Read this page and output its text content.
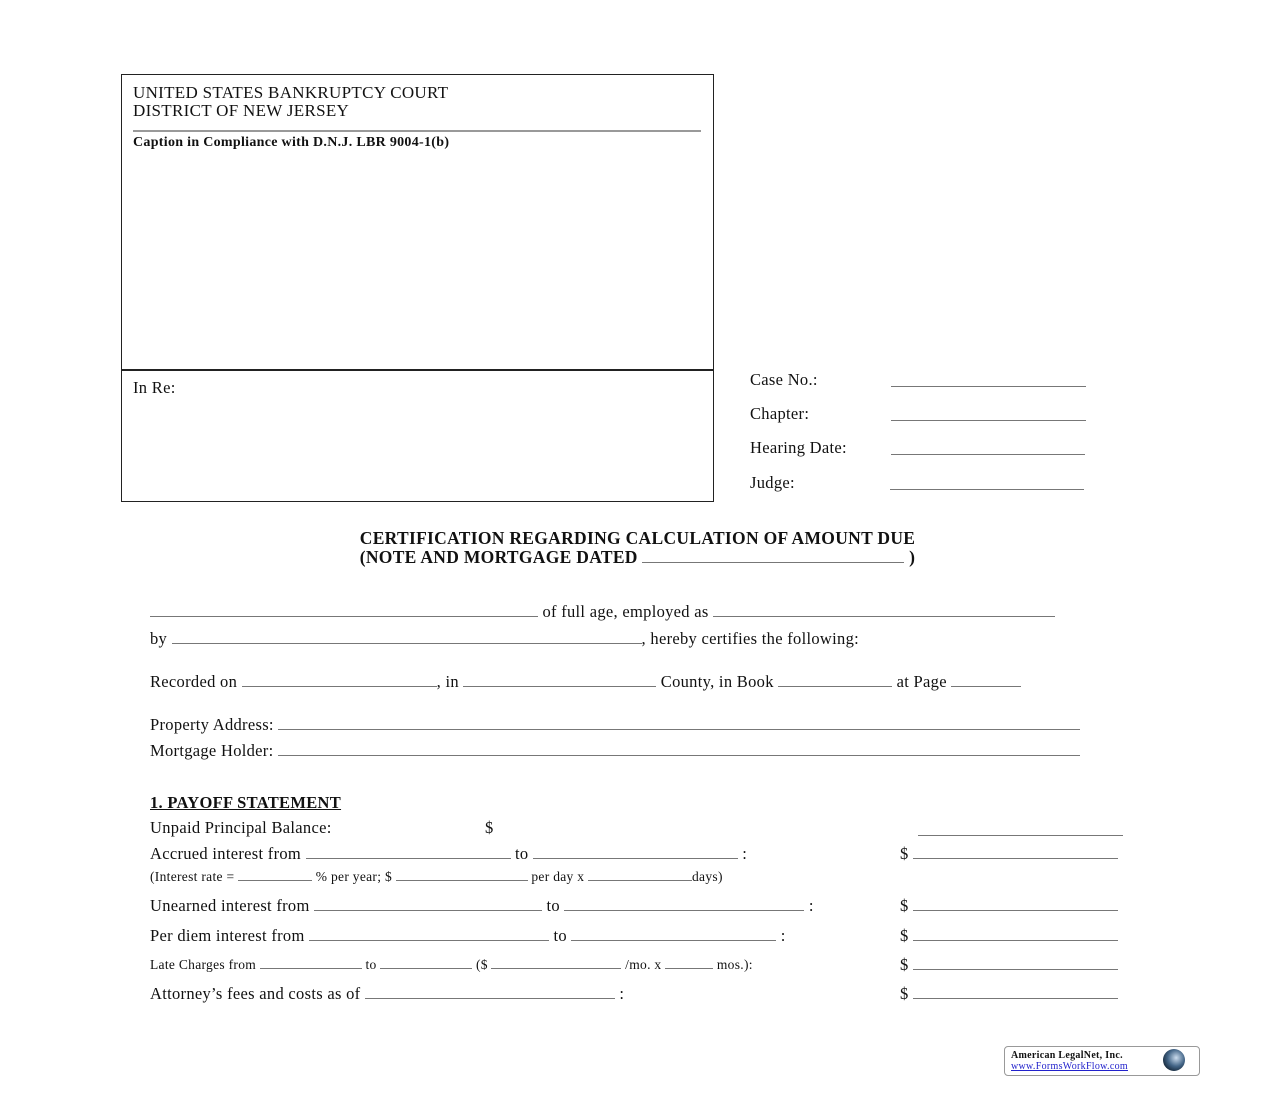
UNITED STATES BANKRUPTCY COURT
DISTRICT OF NEW JERSEY
Caption in Compliance with D.N.J. LBR 9004-1(b)
In Re:	Case No.:
Chapter:
Hearing Date:
Judge:
CERTIFICATION REGARDING CALCULATION OF AMOUNT DUE
(NOTE AND MORTGAGE DATED	)
of full age, employed as
by	, hereby certifies the following:
Recorded on	, in	County, in Book	at Page
Property Address:
Mortgage Holder:
1. PAYOFF STATEMENT
Unpaid Principal Balance:	$
Accrued interest from	to	:	$
(Interest rate =	% per year; $	per day x	days)
Unearned interest from	to	:	$
Per diem interest from	to	:	$
Late Charges from	to	($	/mo. x	mos.):	$
Attorney’s fees and costs as of	:	$
American LegalNet, Inc.
www.FormsWorkFlow.com
